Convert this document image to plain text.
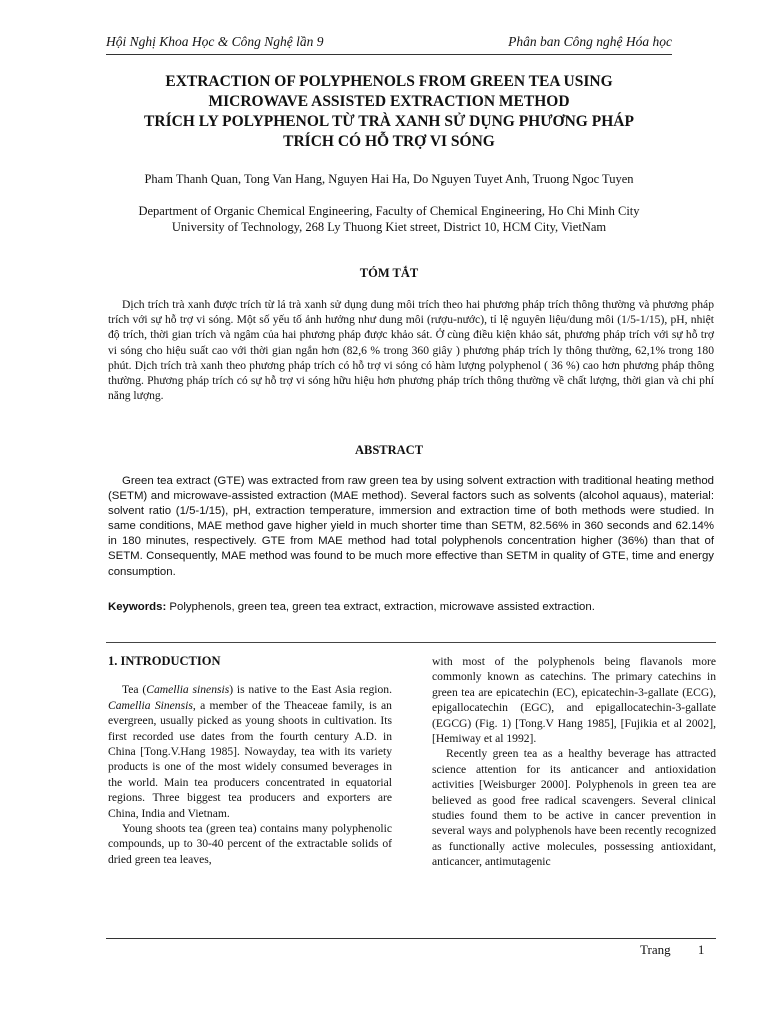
Hội Nghị Khoa Học & Công Nghệ lần 9	Phân ban Công nghệ Hóa học
EXTRACTION OF POLYPHENOLS FROM GREEN TEA USING
MICROWAVE ASSISTED EXTRACTION METHOD
TRÍCH LY POLYPHENOL TỪ TRÀ XANH SỬ DỤNG PHƯƠNG PHÁP
TRÍCH CÓ HỖ TRỢ VI SÓNG
Pham Thanh Quan, Tong Van Hang, Nguyen Hai Ha, Do Nguyen Tuyet Anh, Truong Ngoc Tuyen
Department of Organic Chemical Engineering, Faculty of Chemical Engineering, Ho Chi Minh City
University of Technology, 268 Ly Thuong Kiet street, District 10, HCM City, VietNam
TÓM TẮT

Dịch trích trà xanh được trích từ lá trà xanh sử dụng dung môi trích theo hai phương pháp trích thông thường và phương pháp trích với sự hỗ trợ vi sóng. Một số yếu tố ảnh hưởng như dung môi (rượu-nước), tỉ lệ nguyên liệu/dung môi (1/5-1/15), pH, nhiệt độ trích, thời gian trích và ngâm của hai phương pháp được khảo sát. Ở cùng điều kiện khảo sát, phương pháp trích với sự hỗ trợ vi sóng cho hiệu suất cao với thời gian ngắn hơn (82,6 % trong 360 giây ) phương pháp trích ly thông thường, 62,1% trong 180 phút. Dịch trích trà xanh theo phương pháp trích có hỗ trợ vi sóng có hàm lượng polyphenol ( 36 %) cao hơn phương pháp thông thường. Phương pháp trích có sự hỗ trợ vi sóng hữu hiệu hơn phương pháp trích thông thường về chất lượng, thời gian và chi phí năng lượng.

ABSTRACT

Green tea extract (GTE) was extracted from raw green tea by using solvent extraction with traditional heating method (SETM) and microwave-assisted extraction (MAE method). Several factors such as solvents (alcohol aquaus), material: solvent ratio (1/5-1/15), pH, extraction temperature, immersion and extraction time of both methods were studied. In same conditions, MAE method gave higher yield in much shorter time than SETM, 82.56% in 360 seconds and 62.14% in 180 minutes, respectively. GTE from MAE method had total polyphenols concentration higher (36%) than that of SETM. Consequently, MAE method was found to be much more effective than SETM in quality of GTE, time and energy consumption.

Keywords: Polyphenols, green tea, green tea extract, extraction, microwave assisted extraction.
1. INTRODUCTION

Tea (Camellia sinensis) is native to the East Asia region. Camellia Sinensis, a member of the Theaceae family, is an evergreen, usually picked as young shoots in cultivation. Its first recorded use dates from the fourth century A.D. in China [Tong.V.Hang 1985]. Nowayday, tea with its variety products is one of the most widely consumed beverages in the world. Main tea producers concentrated in equatorial regions. Three biggest tea producers and exporters are China, India and Vietnam.

Young shoots tea (green tea) contains many polyphenolic compounds, up to 30-40 percent of the extractable solids of dried green tea leaves,

with most of the polyphenols being flavanols more commonly known as catechins. The primary catechins in green tea are epicatechin (EC), epicatechin-3-gallate (ECG), epigallocatechin (EGC), and epigallocatechin-3-gallate (EGCG) (Fig. 1) [Tong.V Hang 1985], [Fujikia et al 2002], [Hemiway et al 1992].

Recently green tea as a healthy beverage has attracted science attention for its anticancer and antioxidation activities [Weisburger 2000]. Polyphenols in green tea are believed as good free radical scavengers. Several clinical studies found them to be active in cancer prevention in several ways and polyphenols have been recently recognized as functionally active molecules, possessing antioxidant, anticancer, antimutagenic

Trang 1
